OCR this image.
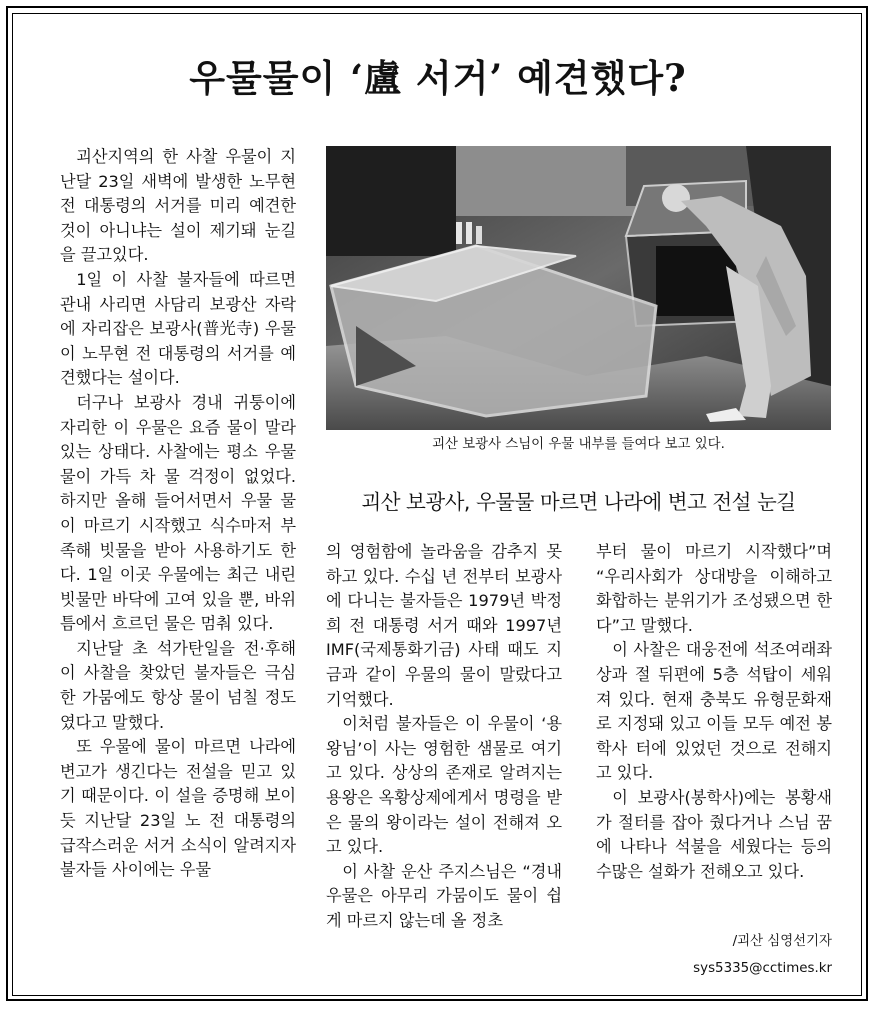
우물물이 ‘盧 서거’ 예견했다?

괴산지역의 한 사찰 우물이 지난달 23일 새벽에 발생한 노무현 전 대통령의 서거를 미리 예견한 것이 아니냐는 설이 제기돼 눈길을 끌고있다.

1일 이 사찰 불자들에 따르면 관내 사리면 사담리 보광산 자락에 자리잡은 보광사(普光寺) 우물이 노무현 전 대통령의 서거를 예견했다는 설이다.

더구나 보광사 경내 귀퉁이에 자리한 이 우물은 요즘 물이 말라 있는 상태다. 사찰에는 평소 우물 물이 가득 차 물 걱정이 없었다. 하지만 올해 들어서면서 우물 물이 마르기 시작했고 식수마저 부족해 빗물을 받아 사용하기도 한다. 1일 이곳 우물에는 최근 내린 빗물만 바닥에 고여 있을 뿐, 바위 틈에서 흐르던 물은 멈춰 있다.

지난달 초 석가탄일을 전·후해 이 사찰을 찾았던 불자들은 극심한 가뭄에도 항상 물이 넘칠 정도였다고 말했다.

또 우물에 물이 마르면 나라에 변고가 생긴다는 전설을 믿고 있기 때문이다. 이 설을 증명해 보이듯 지난달 23일 노 전 대통령의 급작스러운 서거 소식이 알려지자 불자들 사이에는 우물

괴산 보광사 스님이 우물 내부를 들여다 보고 있다.
괴산 보광사, 우물물 마르면 나라에 변고 전설 눈길

의 영험함에 놀라움을 감추지 못하고 있다. 수십 년 전부터 보광사에 다니는 불자들은 1979년 박정희 전 대통령 서거 때와 1997년 IMF(국제통화기금) 사태 때도 지금과 같이 우물의 물이 말랐다고 기억했다.

이처럼 불자들은 이 우물이 ‘용왕님’이 사는 영험한 샘물로 여기고 있다. 상상의 존재로 알려지는 용왕은 옥황상제에게서 명령을 받은 물의 왕이라는 설이 전해져 오고 있다.

이 사찰 운산 주지스님은 “경내 우물은 아무리 가뭄이도 물이 쉽게 마르지 않는데 올 정초

부터 물이 마르기 시작했다”며 “우리사회가 상대방을 이해하고 화합하는 분위기가 조성됐으면 한다”고 말했다.

이 사찰은 대웅전에 석조여래좌상과 절 뒤편에 5층 석탑이 세워져 있다. 현재 충북도 유형문화재로 지정돼 있고 이들 모두 예전 봉학사 터에 있었던 것으로 전해지고 있다.

이 보광사(봉학사)에는 봉황새가 절터를 잡아 줬다거나 스님 꿈에 나타나 석불을 세웠다는 등의 수많은 설화가 전해오고 있다.

/괴산 심영선기자
sys5335@cctimes.kr
